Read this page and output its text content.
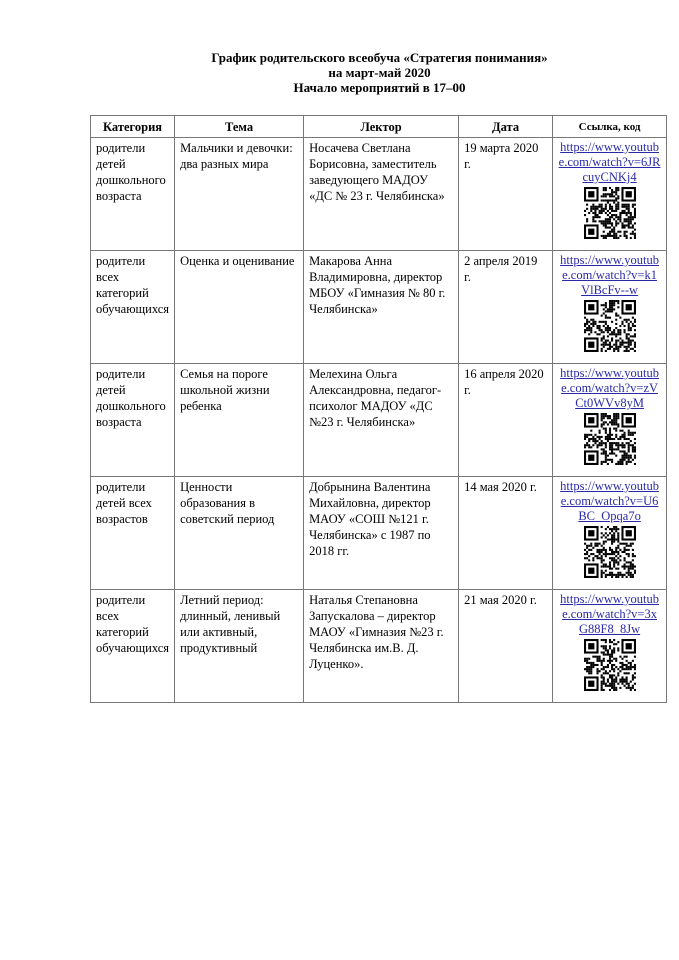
График родительского всеобуча «Стратегия понимания»
на март-май 2020
Начало мероприятий в 17–00
Категория	Тема	Лектор	Дата	Ссылка, код
родители детей дошкольного возраста	Мальчики и девочки: два разных мира	Носачева Светлана Борисовна, заместитель заведующего МАДОУ «ДС № 23 г. Челябинска»	19 марта 2020 г.	https://www.youtube.com/watch?v=6JRcuyCNKj4

родители всех категорий обучающихся	Оценка и оценивание	Макарова Анна Владимировна, директор МБОУ «Гимназия № 80 г. Челябинска»	2 апреля 2019 г.	https://www.youtube.com/watch?v=k1VlBcFv--w

родители детей дошкольного возраста	Семья на пороге школьной жизни ребенка	Мелехина Ольга Александровна, педагог-психолог МАДОУ «ДС №23 г. Челябинска»	16 апреля 2020 г.	https://www.youtube.com/watch?v=zVCt0WVv8yM

родители детей всех возрастов	Ценности образования в советский период	Добрынина Валентина Михайловна, директор МАОУ «СОШ №121 г. Челябинска» с 1987 по 2018 гг.	14 мая 2020 г.	https://www.youtube.com/watch?v=U6BC_Opqa7o

родители всех категорий обучающихся	Летний период: длинный, ленивый или активный, продуктивный	Наталья Степановна Запускалова – директор МАОУ «Гимназия №23 г. Челябинска им.В. Д. Луценко».	21 мая 2020 г.	https://www.youtube.com/watch?v=3xG88F8_8Jw
